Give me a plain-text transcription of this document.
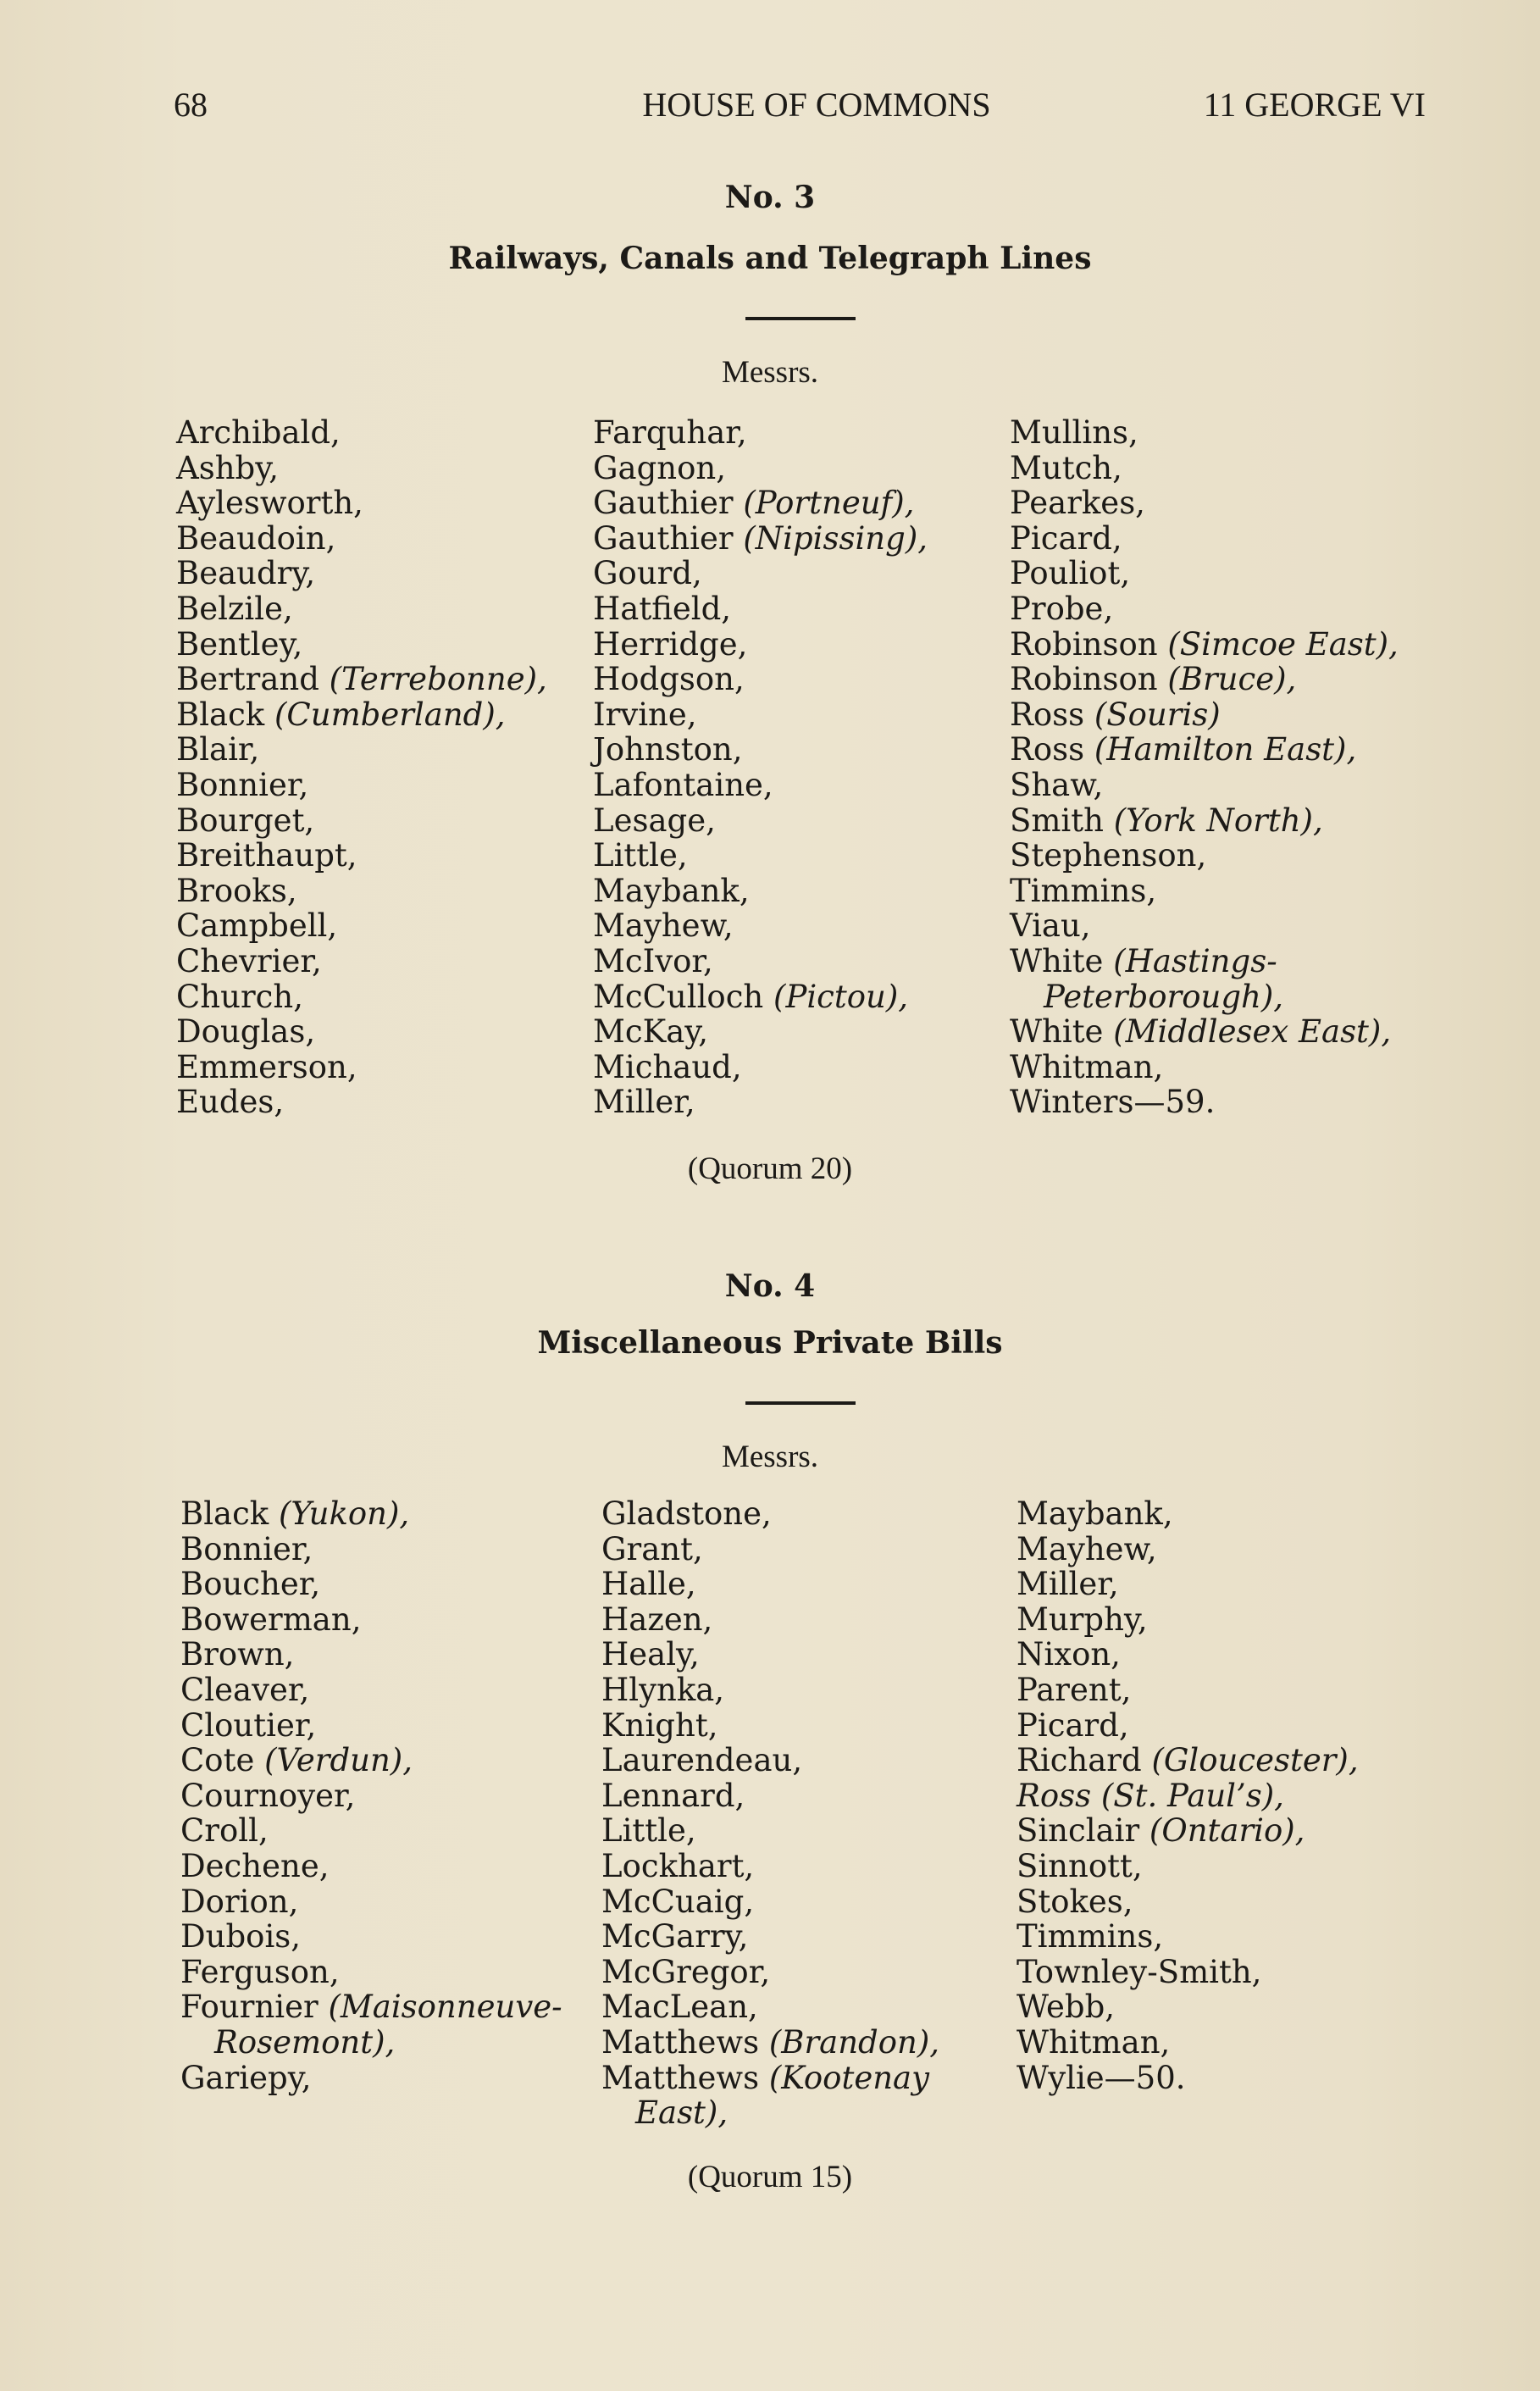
68	HOUSE OF COMMONS	11 GEORGE VI
No. 3
Railways, Canals and Telegraph Lines
Messrs.
Archibald,
Ashby,
Aylesworth,
Beaudoin,
Beaudry,
Belzile,
Bentley,
Bertrand (Terrebonne),
Black (Cumberland),
Blair,
Bonnier,
Bourget,
Breithaupt,
Brooks,
Campbell,
Chevrier,
Church,
Douglas,
Emmerson,
Eudes,
Farquhar,
Gagnon,
Gauthier (Portneuf),
Gauthier (Nipissing),
Gourd,
Hatfield,
Herridge,
Hodgson,
Irvine,
Johnston,
Lafontaine,
Lesage,
Little,
Maybank,
Mayhew,
McIvor,
McCulloch (Pictou),
McKay,
Michaud,
Miller,
Mullins,
Mutch,
Pearkes,
Picard,
Pouliot,
Probe,
Robinson (Simcoe East),
Robinson (Bruce),
Ross (Souris)
Ross (Hamilton East),
Shaw,
Smith (York North),
Stephenson,
Timmins,
Viau,
White (Hastings-
Peterborough),
White (Middlesex East),
Whitman,
Winters—59.
(Quorum 20)
No. 4
Miscellaneous Private Bills
Messrs.
Black (Yukon),
Bonnier,
Boucher,
Bowerman,
Brown,
Cleaver,
Cloutier,
Cote (Verdun),
Cournoyer,
Croll,
Dechene,
Dorion,
Dubois,
Ferguson,
Fournier (Maisonneuve-
Rosemont),
Gariepy,
Gladstone,
Grant,
Halle,
Hazen,
Healy,
Hlynka,
Knight,
Laurendeau,
Lennard,
Little,
Lockhart,
McCuaig,
McGarry,
McGregor,
MacLean,
Matthews (Brandon),
Matthews (Kootenay
East),
Maybank,
Mayhew,
Miller,
Murphy,
Nixon,
Parent,
Picard,
Richard (Gloucester),
Ross (St. Paul’s),
Sinclair (Ontario),
Sinnott,
Stokes,
Timmins,
Townley-Smith,
Webb,
Whitman,
Wylie—50.
(Quorum 15)
